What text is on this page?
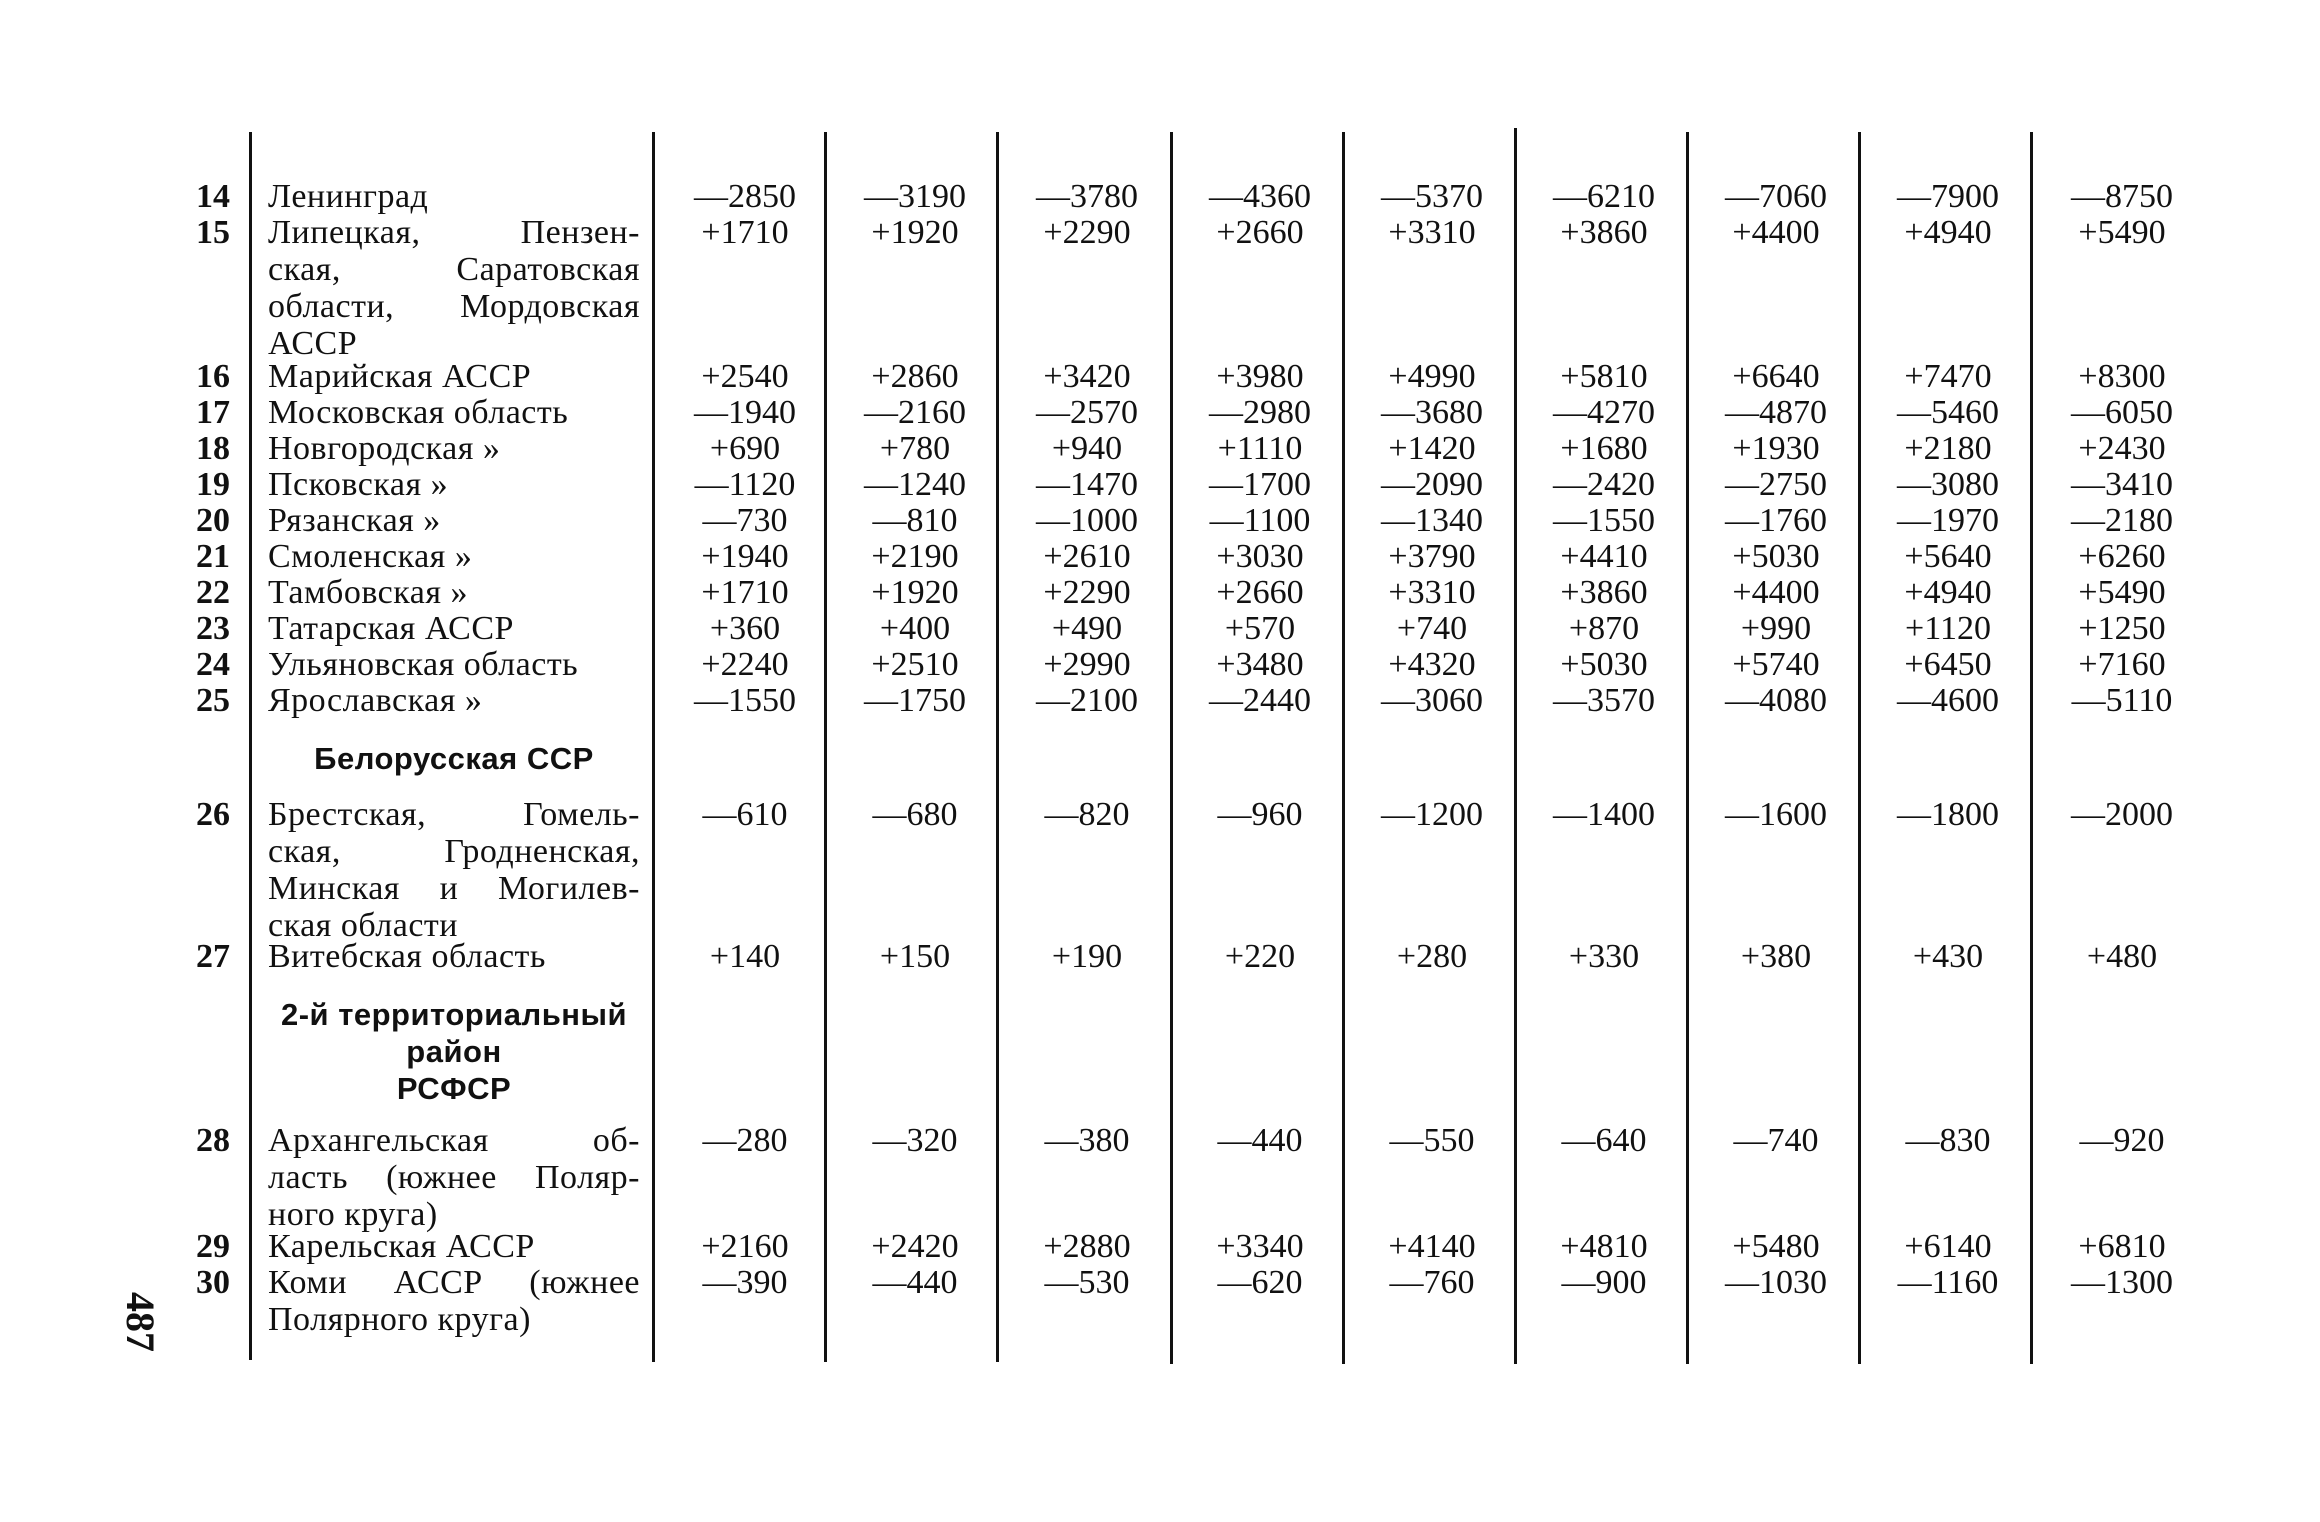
14 Ленинград	—2850	—3190	—3780	—4360	—5370	—6210	—7060	—7900	—8750
15 Липецкая, Пензен-
ская, Саратовская
области, Мордовская
АССР
+1710	+1920	+2290	+2660	+3310	+3860	+4400	+4940	+5490
16 Марийская АССР	+2540	+2860	+3420	+3980	+4990	+5810	+6640	+7470	+8300
17 Московская область	—1940	—2160	—2570	—2980	—3680	—4270	—4870	—5460	—6050
18 Новгородская »	+690	+780	+940	+1110	+1420	+1680	+1930	+2180	+2430
19 Псковская »	—1120	—1240	—1470	—1700	—2090	—2420	—2750	—3080	—3410
20 Рязанская »	—730	—810	—1000	—1100	—1340	—1550	—1760	—1970	—2180
21 Смоленская »	+1940	+2190	+2610	+3030	+3790	+4410	+5030	+5640	+6260
22 Тамбовская »	+1710	+1920	+2290	+2660	+3310	+3860	+4400	+4940	+5490
23 Татарская АССР	+360	+400	+490	+570	+740	+870	+990	+1120	+1250
24 Ульяновская область	+2240	+2510	+2990	+3480	+4320	+5030	+5740	+6450	+7160
25 Ярославская »	—1550	—1750	—2100	—2440	—3060	—3570	—4080	—4600	—5110
Белорусская ССР
26 Брестская, Гомель-
ская, Гродненская,
Минская и Могилев-
ская области
—610	—680	—820	—960	—1200	—1400	—1600	—1800	—2000
27 Витебская область	+140	+150	+190	+220	+280	+330	+380	+430	+480
2-й территориальный
район
РСФСР
28 Архангельская об-
ласть (южнее Поляр-
ного круга)
—280	—320	—380	—440	—550	—640	—740	—830	—920
29 Карельская АССР	+2160	+2420	+2880	+3340	+4140	+4810	+5480	+6140	+6810
30 Коми АССР (южнее
Полярного круга)
—390	—440	—530	—620	—760	—900	—1030	—1160	—1300
487
